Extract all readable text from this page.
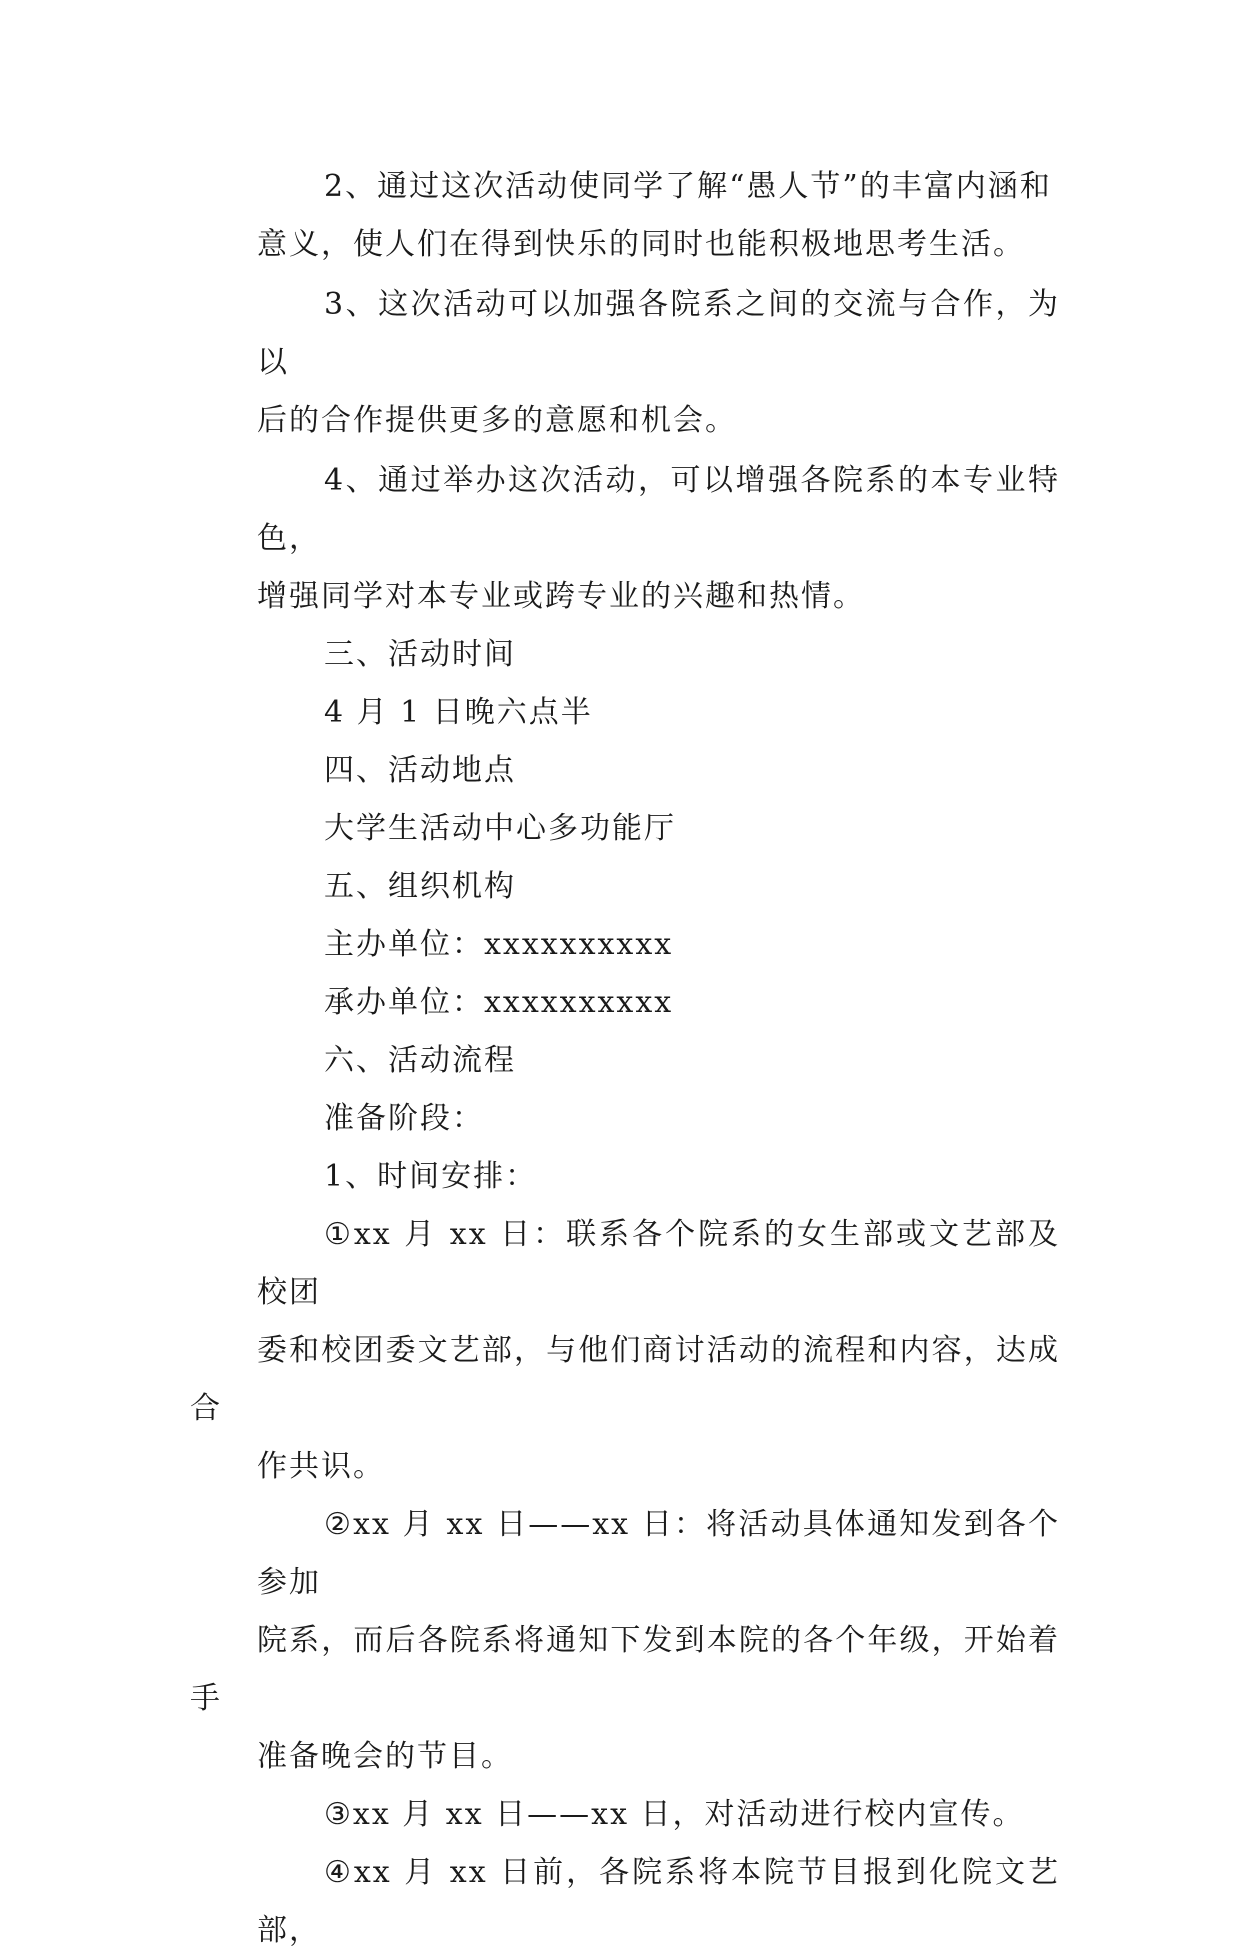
2、通过这次活动使同学了解“愚人节”的丰富内涵和
意义，使人们在得到快乐的同时也能积极地思考生活。
3、这次活动可以加强各院系之间的交流与合作，为以
后的合作提供更多的意愿和机会。
4、通过举办这次活动，可以增强各院系的本专业特色，
增强同学对本专业或跨专业的兴趣和热情。
三、活动时间
4 月 1 日晚六点半
四、活动地点
大学生活动中心多功能厅
五、组织机构
主办单位：xxxxxxxxxx
承办单位：xxxxxxxxxx
六、活动流程
准备阶段：
1、时间安排：
①xx 月 xx 日：联系各个院系的女生部或文艺部及校团
委和校团委文艺部，与他们商讨活动的流程和内容，达成合
作共识。
②xx 月 xx 日——xx 日：将活动具体通知发到各个参加
院系，而后各院系将通知下发到本院的各个年级，开始着手
准备晚会的节目。
③xx 月 xx 日——xx 日，对活动进行校内宣传。
④xx 月 xx 日前，各院系将本院节目报到化院文艺部，
